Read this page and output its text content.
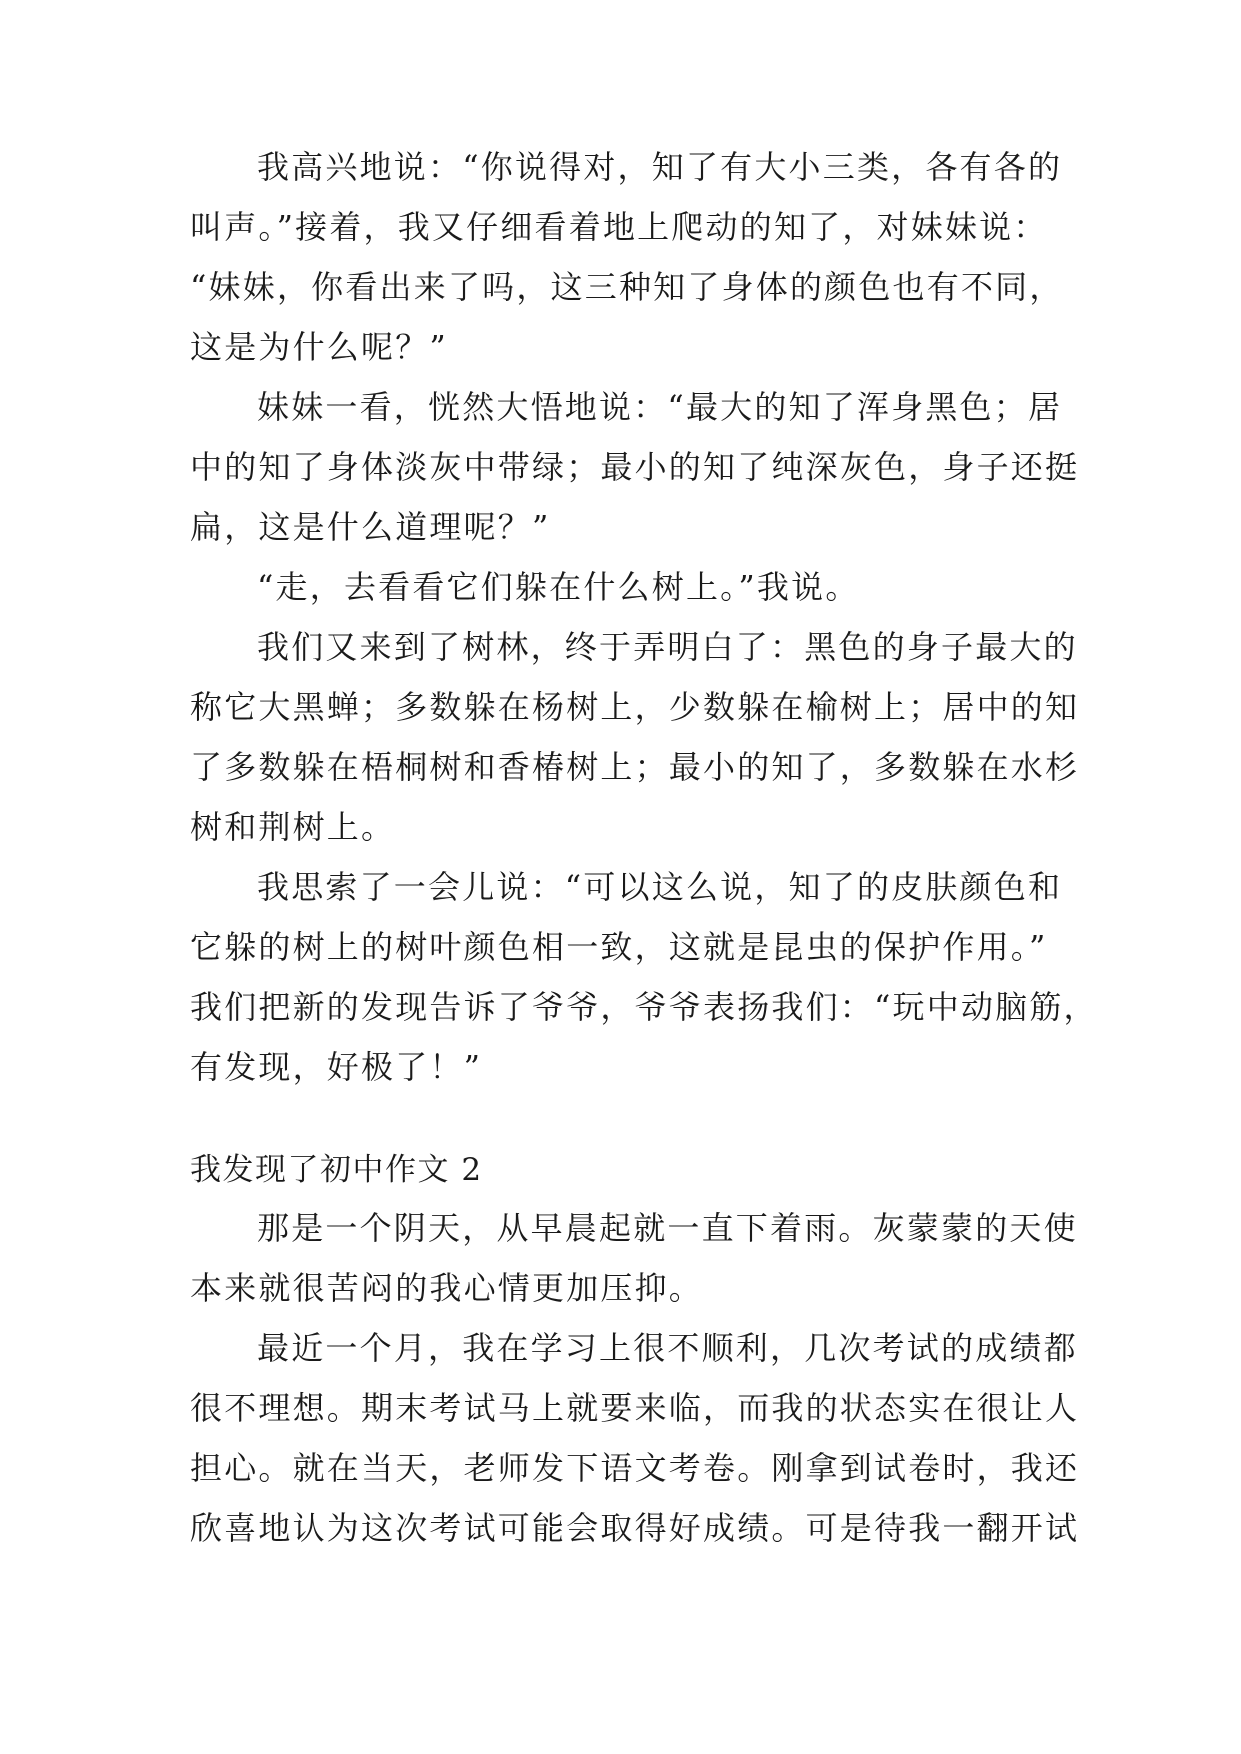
我高兴地说：“你说得对，知了有大小三类，各有各的
叫声。”接着，我又仔细看着地上爬动的知了，对妹妹说：
“妹妹，你看出来了吗，这三种知了身体的颜色也有不同，
这是为什么呢？”
妹妹一看，恍然大悟地说：“最大的知了浑身黑色；居
中的知了身体淡灰中带绿；最小的知了纯深灰色，身子还挺
扁，这是什么道理呢？”
“走，去看看它们躲在什么树上。”我说。
我们又来到了树林，终于弄明白了：黑色的身子最大的
称它大黑蝉；多数躲在杨树上，少数躲在榆树上；居中的知
了多数躲在梧桐树和香椿树上；最小的知了，多数躲在水杉
树和荆树上。
我思索了一会儿说：“可以这么说，知了的皮肤颜色和
它躲的树上的树叶颜色相一致，这就是昆虫的保护作用。”
我们把新的发现告诉了爷爷，爷爷表扬我们：“玩中动脑筋，
有发现，好极了！”
我发现了初中作文 2
那是一个阴天，从早晨起就一直下着雨。灰蒙蒙的天使
本来就很苦闷的我心情更加压抑。
最近一个月，我在学习上很不顺利，几次考试的成绩都
很不理想。期末考试马上就要来临，而我的状态实在很让人
担心。就在当天，老师发下语文考卷。刚拿到试卷时，我还
欣喜地认为这次考试可能会取得好成绩。可是待我一翻开试
